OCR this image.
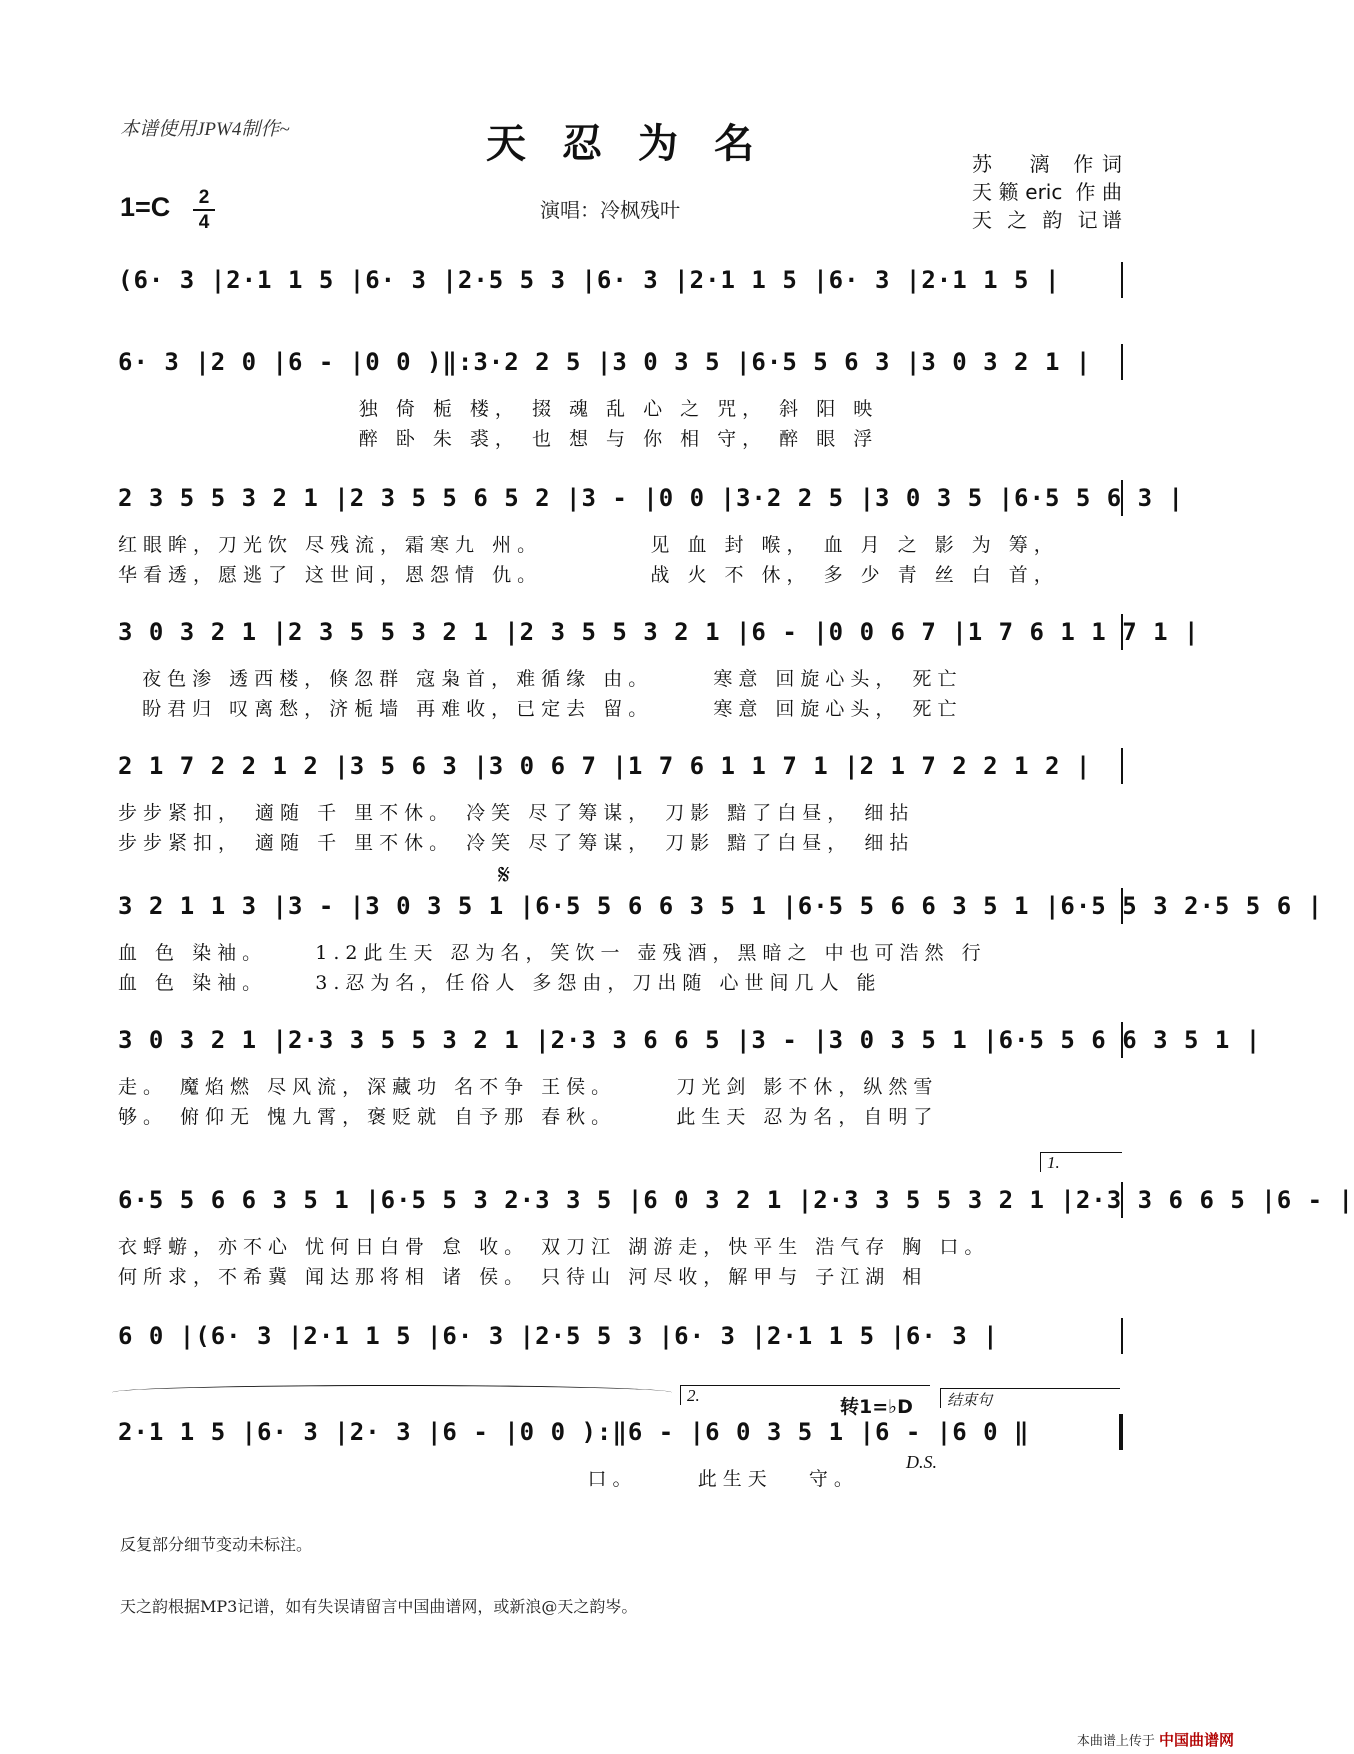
本谱使用JPW4制作~	天忍为名
1=C	2
4
演唱：冷枫残叶
苏　漓 作词
天籁eric 作曲
天 之 韵 记谱
(6· 3 |2·1 1 5 |6· 3 |2·5 5 3 |6· 3 |2·1 1 5 |6· 3 |2·1 1 5 |
6· 3 |2 0 |6 - |0 0 )‖:3·2 2 5 |3 0 3 5 |6·5 5 6 3 |3 0 3 2 1 |
独 倚 栀 楼， 掇 魂 乱 心 之 咒， 斜 阳 映
醉 卧 朱 裘， 也 想 与 你 相 守， 醉 眼 浮
2 3 5 5 3 2 1 |2 3 5 5 6 5 2 |3 - |0 0 |3·2 2 5 |3 0 3 5 |6·5 5 6 3 |
红眼眸，刀光饮 尽残流，霜寒九 州。         见 血 封 喉， 血 月 之 影 为 筹，
华看透，愿逃了 这世间，恩怨情 仇。         战 火 不 休， 多 少 青 丝 白 首，
3 0 3 2 1 |2 3 5 5 3 2 1 |2 3 5 5 3 2 1 |6 - |0 0 6 7 |1 7 6 1 1 7 1 |
夜色渗 透西楼，倏忽群 寇枭首，难循缘 由。     寒意 回旋心头， 死亡
盼君归 叹离愁，济栀墙 再难收，已定去 留。     寒意 回旋心头， 死亡
2 1 7 2 2 1 2 |3 5 6 3 |3 0 6 7 |1 7 6 1 1 7 1 |2 1 7 2 2 1 2 |
步步紧扣， 適随 千 里不休。 冷笑 尽了筹谋， 刀影 黯了白昼， 细拈
步步紧扣， 適随 千 里不休。 冷笑 尽了筹谋， 刀影 黯了白昼， 细拈
𝄋
3 2 1 1 3 |3 - |3 0 3 5 1 |6·5 5 6 6 3 5 1 |6·5 5 6 6 3 5 1 |6·5 5 3 2·5 5 6 |
血 色 染袖。    1.2此生天 忍为名，笑饮一 壶残酒，黑暗之 中也可浩然 行
血 色 染袖。    3.忍为名，任俗人 多怨由，刀出随 心世间几人 能
3 0 3 2 1 |2·3 3 5 5 3 2 1 |2·3 3 6 6 5 |3 - |3 0 3 5 1 |6·5 5 6 6 3 5 1 |
走。 魔焰燃 尽风流，深藏功 名不争 王侯。     刀光剑 影不休，纵然雪
够。 俯仰无 愧九霄，褒贬就 自予那 春秋。     此生天 忍为名，自明了
1.
6·5 5 6 6 3 5 1 |6·5 5 3 2·3 3 5 |6 0 3 2 1 |2·3 3 5 5 3 2 1 |2·3 3 6 6 5 |6 - |
衣蜉蝣，亦不心 忧何日白骨 怠 收。 双刀江 湖游走，快平生 浩气存 胸 口。
何所求，不希冀 闻达那将相 诸 侯。 只待山 河尽收，解甲与 子江湖 相
6 0 |(6· 3 |2·1 1 5 |6· 3 |2·5 5 3 |6· 3 |2·1 1 5 |6· 3 |
2.
转1=♭D	结束句
2·1 1 5 |6· 3 |2· 3 |6 - |0 0 ):‖6 - |6 0 3 5 1 |6 - |6 0 ‖
口。     此生天   守。
D.S.
反复部分细节变动未标注。
天之韵根据MP3记谱，如有失误请留言中国曲谱网，或新浪@天之韵岑。
本曲谱上传于 中国曲谱网
